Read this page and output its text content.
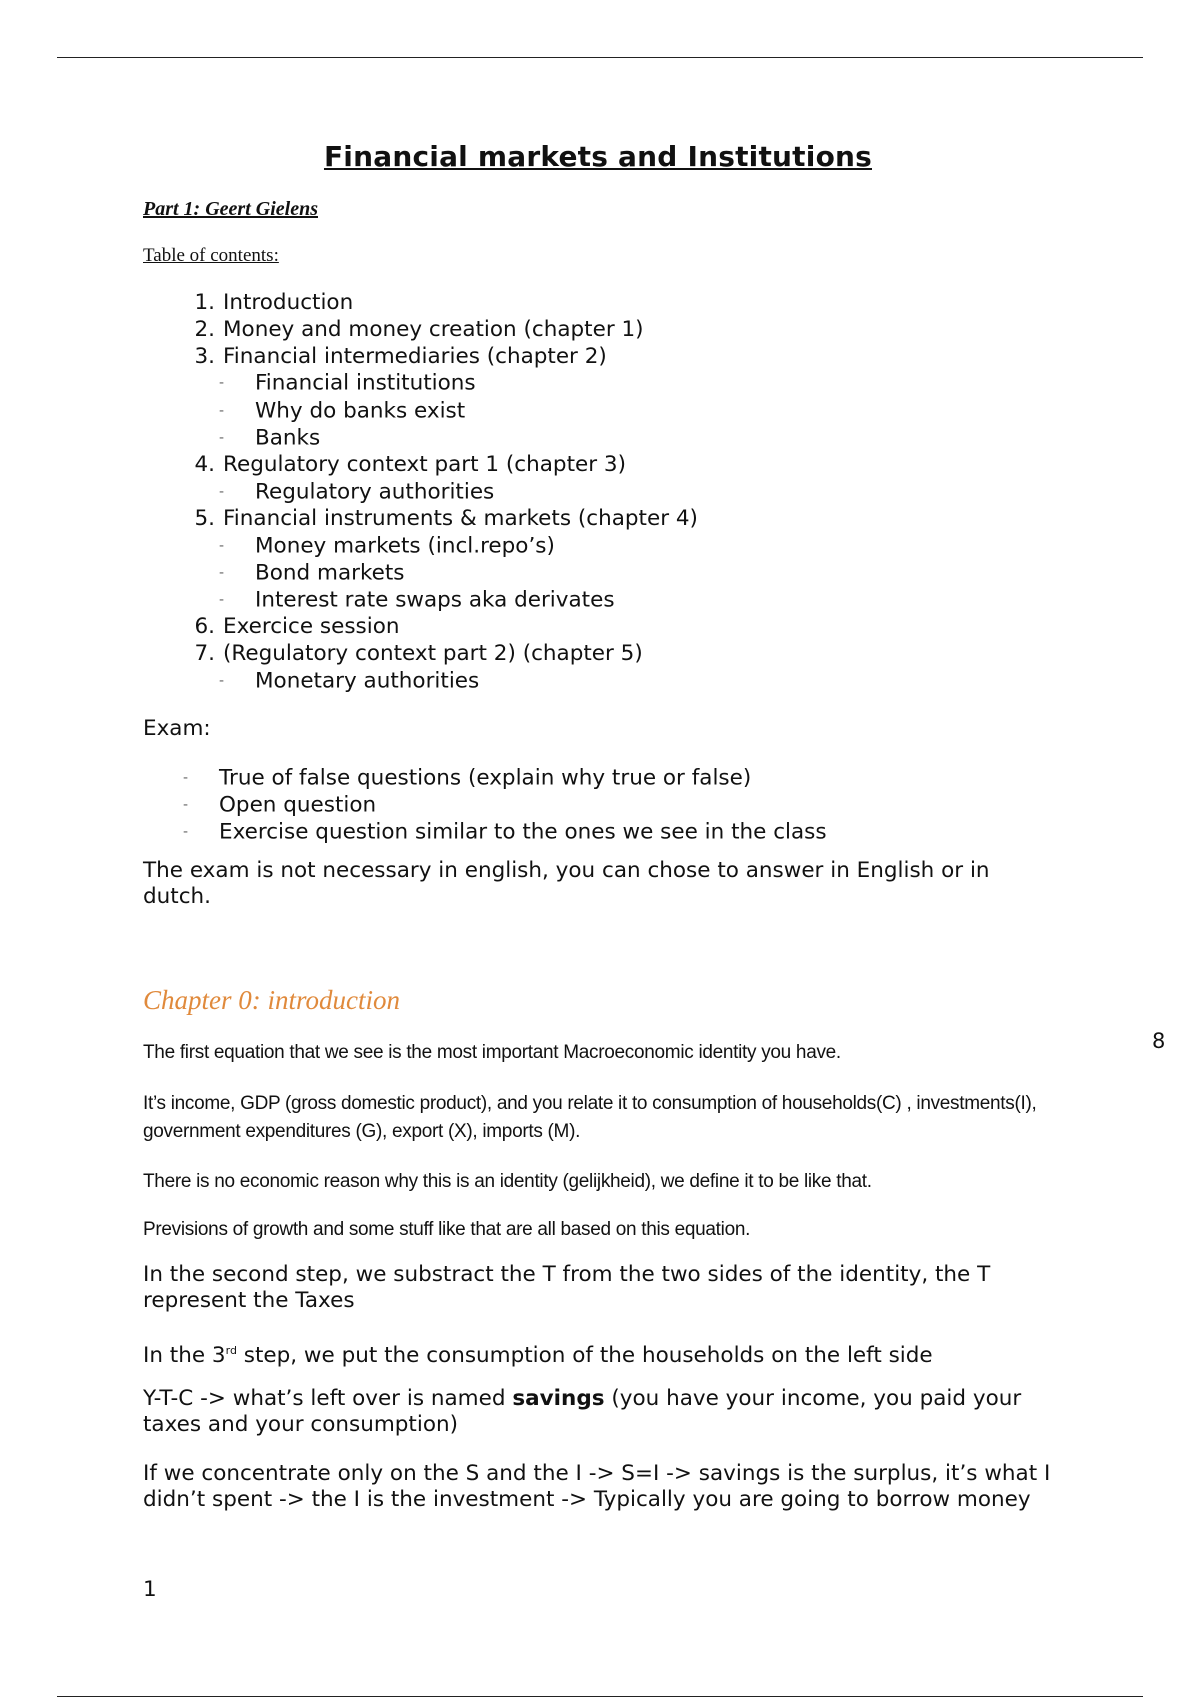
Financial markets and Institutions
Part 1: Geert Gielens
Table of contents:
1. Introduction
2. Money and money creation (chapter 1)
3. Financial intermediaries (chapter 2)
- Financial institutions
- Why do banks exist
- Banks
4. Regulatory context part 1 (chapter 3)
- Regulatory authorities
5. Financial instruments & markets (chapter 4)
- Money markets (incl.repo’s)
- Bond markets
- Interest rate swaps aka derivates
6. Exercice session
7. (Regulatory context part 2) (chapter 5)
- Monetary authorities
Exam:
- True of false questions (explain why true or false)
- Open question
- Exercise question similar to the ones we see in the class
The exam is not necessary in english, you can chose to answer in English or in dutch.
Chapter 0: introduction
The first equation that we see is the most important Macroeconomic identity you have.
It’s income, GDP (gross domestic product), and you relate it to consumption of households(C) , investments(I), government expenditures (G), export (X), imports (M).
There is no economic reason why this is an identity (gelijkheid), we define it to be like that.
Previsions of growth and some stuff like that are all based on this equation.
In the second step, we substract the T from the two sides of the identity, the T represent the Taxes
In the 3rd step, we put the consumption of the households on the left side
Y-T-C -> what’s left over is named savings (you have your income, you paid your taxes and your consumption)
If we concentrate only on the S and the I -> S=I -> savings is the surplus, it’s what I didn’t spent -> the I is the investment -> Typically you are going to borrow money
1
8
